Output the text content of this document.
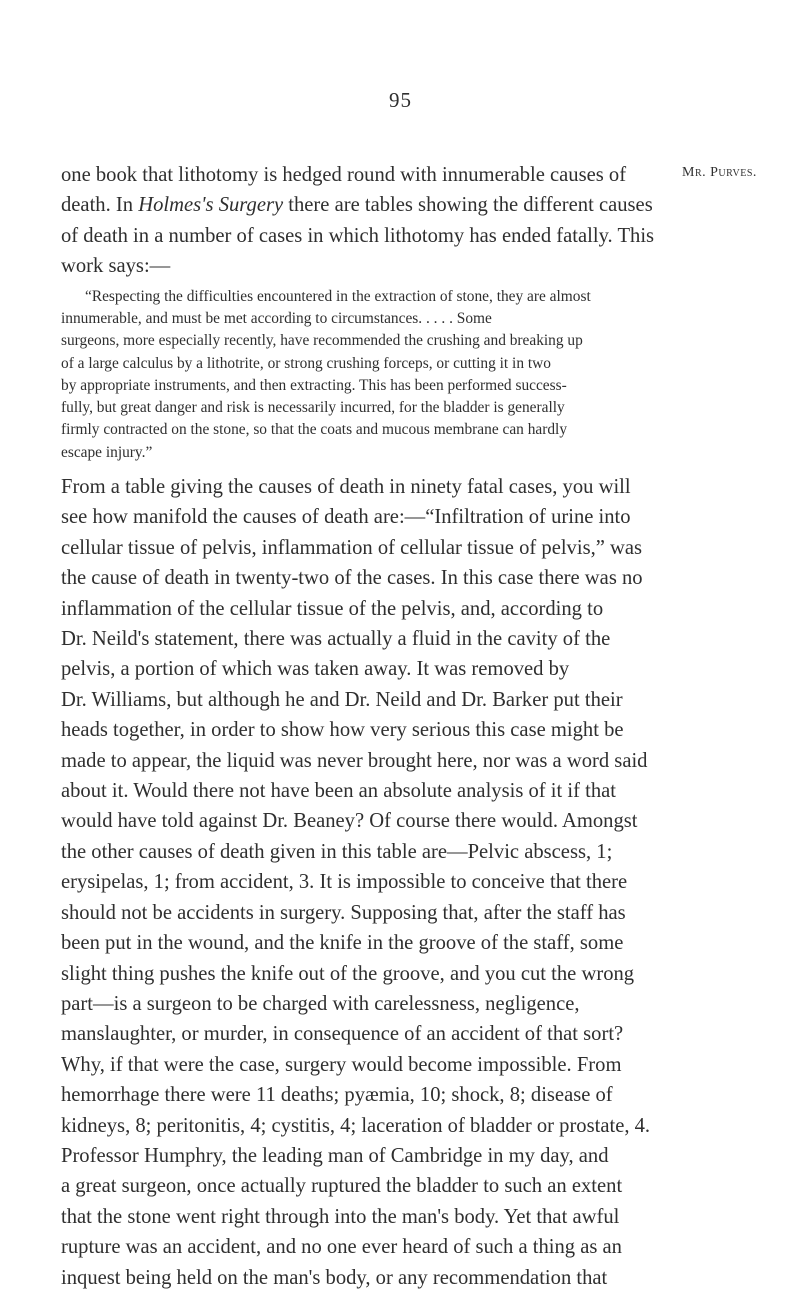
95
Mr. Purves.

one book that lithotomy is hedged round with innumerable causes of
death. In Holmes's Surgery there are tables showing the different causes
of death in a number of cases in which lithotomy has ended fatally. This
work says:—

“Respecting the difficulties encountered in the extraction of stone, they are almost
innumerable, and must be met according to circumstances. . . . . Some
surgeons, more especially recently, have recommended the crushing and breaking up
of a large calculus by a lithotrite, or strong crushing forceps, or cutting it in two
by appropriate instruments, and then extracting. This has been performed success-
fully, but great danger and risk is necessarily incurred, for the bladder is generally
firmly contracted on the stone, so that the coats and mucous membrane can hardly
escape injury.”

From a table giving the causes of death in ninety fatal cases, you will
see how manifold the causes of death are:—“Infiltration of urine into
cellular tissue of pelvis, inflammation of cellular tissue of pelvis,” was
the cause of death in twenty-two of the cases. In this case there was no
inflammation of the cellular tissue of the pelvis, and, according to
Dr. Neild's statement, there was actually a fluid in the cavity of the
pelvis, a portion of which was taken away. It was removed by
Dr. Williams, but although he and Dr. Neild and Dr. Barker put their
heads together, in order to show how very serious this case might be
made to appear, the liquid was never brought here, nor was a word said
about it. Would there not have been an absolute analysis of it if that
would have told against Dr. Beaney? Of course there would. Amongst
the other causes of death given in this table are—Pelvic abscess, 1;
erysipelas, 1; from accident, 3. It is impossible to conceive that there
should not be accidents in surgery. Supposing that, after the staff has
been put in the wound, and the knife in the groove of the staff, some
slight thing pushes the knife out of the groove, and you cut the wrong
part—is a surgeon to be charged with carelessness, negligence,
manslaughter, or murder, in consequence of an accident of that sort?
Why, if that were the case, surgery would become impossible. From
hemorrhage there were 11 deaths; pyæmia, 10; shock, 8; disease of
kidneys, 8; peritonitis, 4; cystitis, 4; laceration of bladder or prostate, 4.
Professor Humphry, the leading man of Cambridge in my day, and
a great surgeon, once actually ruptured the bladder to such an extent
that the stone went right through into the man's body. Yet that awful
rupture was an accident, and no one ever heard of such a thing as an
inquest being held on the man's body, or any recommendation that
